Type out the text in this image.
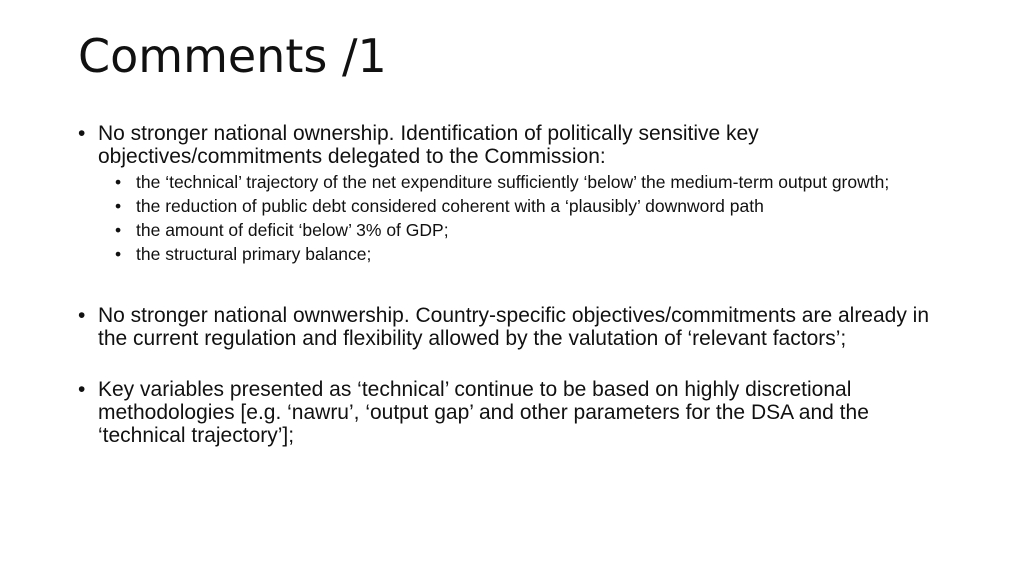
Comments /1
• No stronger national ownership. Identification of politically sensitive key objectives/commitments delegated to the Commission:
• the ‘technical’ trajectory of the net expenditure sufficiently ‘below’ the medium-term output growth;
• the reduction of public debt considered coherent with a ‘plausibly’ downword path
• the amount of deficit ‘below’ 3% of GDP;
• the structural primary balance;
• No stronger national ownwership. Country-specific objectives/commitments are already in the current regulation and flexibility allowed by the valutation of ‘relevant factors’;
• Key variables presented as ‘technical’ continue to be based on highly discretional methodologies [e.g. ‘nawru’, ‘output gap’ and other parameters for the DSA and the ‘technical trajectory’];
